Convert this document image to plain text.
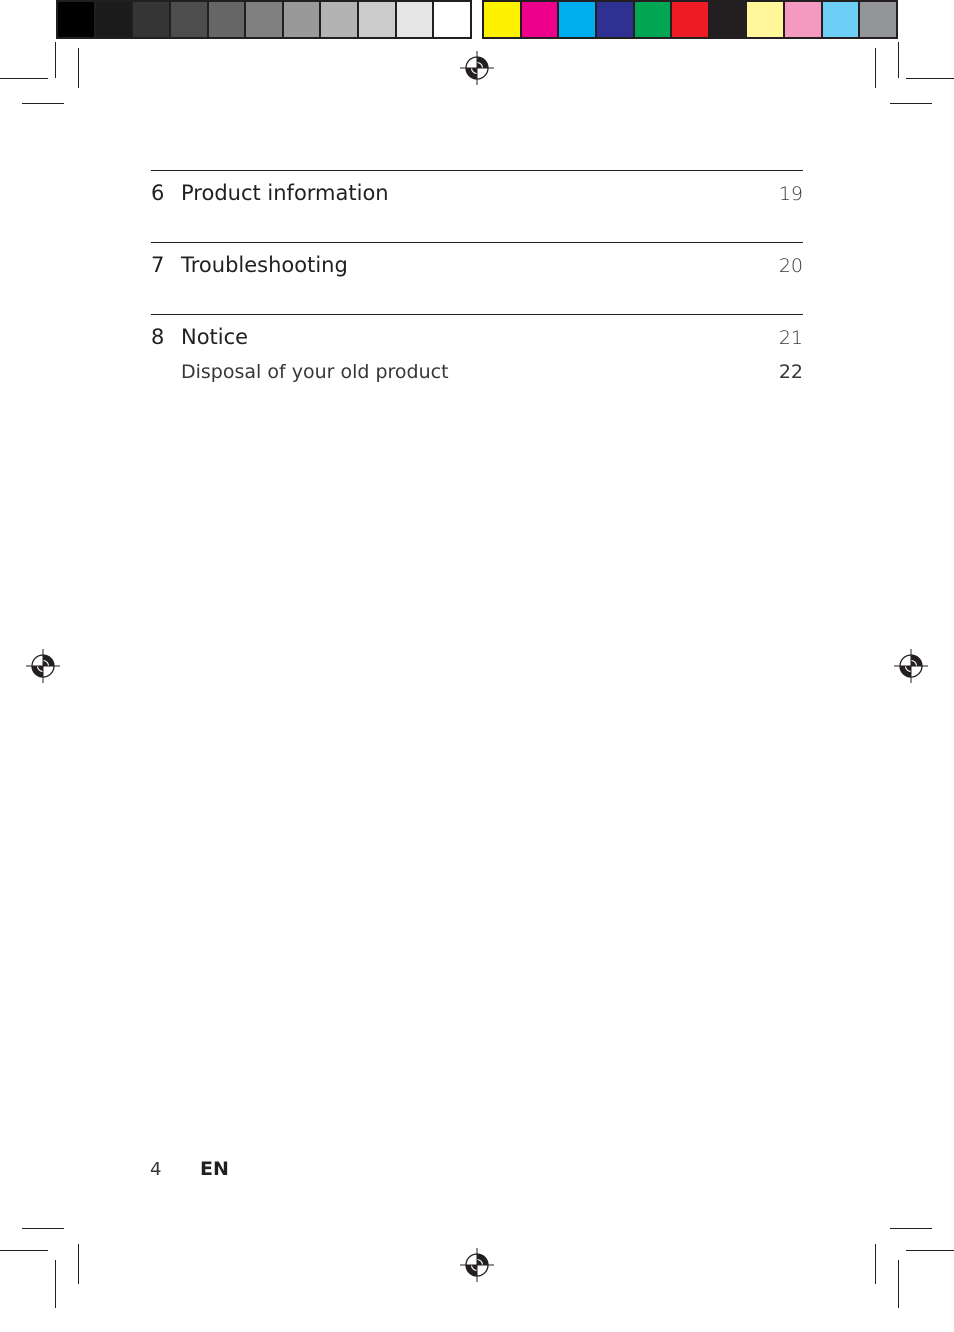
6 Product information	19
7 Troubleshooting	20
8 Notice	21
Disposal of your old product	22
4 EN
